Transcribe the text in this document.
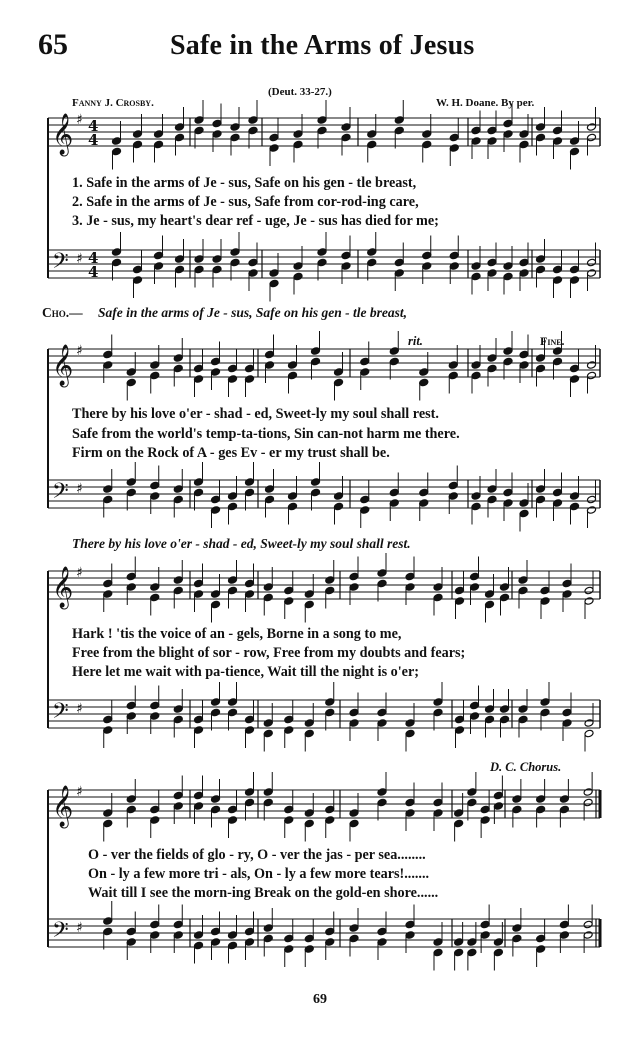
65	Safe in the Arms of Jesus
(Deut. 33-27.)
Fanny J. Crosby.	W. H. Doane. By per.
𝄞 ♯ 4
4
𝄢 ♯ 4
4
𝄞 ♯
𝄢 ♯
𝄞 ♯
𝄢 ♯
𝄞 ♯
𝄢 ♯
1. Safe in the arms of Je - sus, Safe on his gen - tle breast,
2. Safe in the arms of Je - sus, Safe from cor-rod-ing care,
3. Je - sus, my heart's dear ref - uge, Je - sus has died for me;
Cho.— Safe in the arms of Je - sus, Safe on his gen - tle breast,
rit.	Fine.
There by his love o'er - shad - ed, Sweet-ly my soul shall rest.
Safe from the world's temp-ta-tions, Sin can-not harm me there.
Firm on the Rock of A - ges Ev - er my trust shall be.
There by his love o'er - shad - ed, Sweet-ly my soul shall rest.
Hark ! 'tis the voice of an - gels, Borne in a song to me,
Free from the blight of sor - row, Free from my doubts and fears;
Here let me wait with pa-tience, Wait till the night is o'er;
D. C. Chorus.
O - ver the fields of glo - ry, O - ver the jas - per sea........
On - ly a few more tri - als, On - ly a few more tears!.......
Wait till I see the morn-ing Break on the gold-en shore......
69
